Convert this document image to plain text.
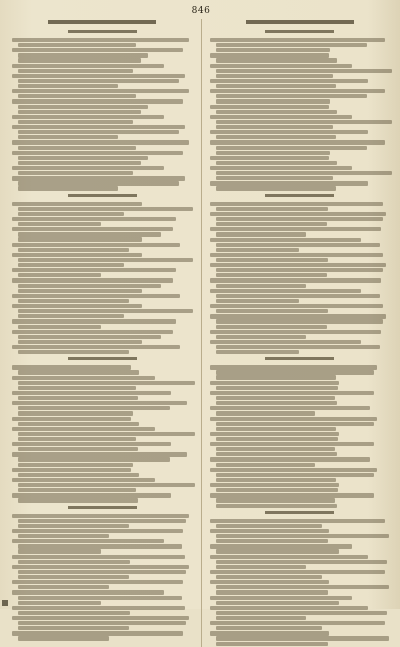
846
